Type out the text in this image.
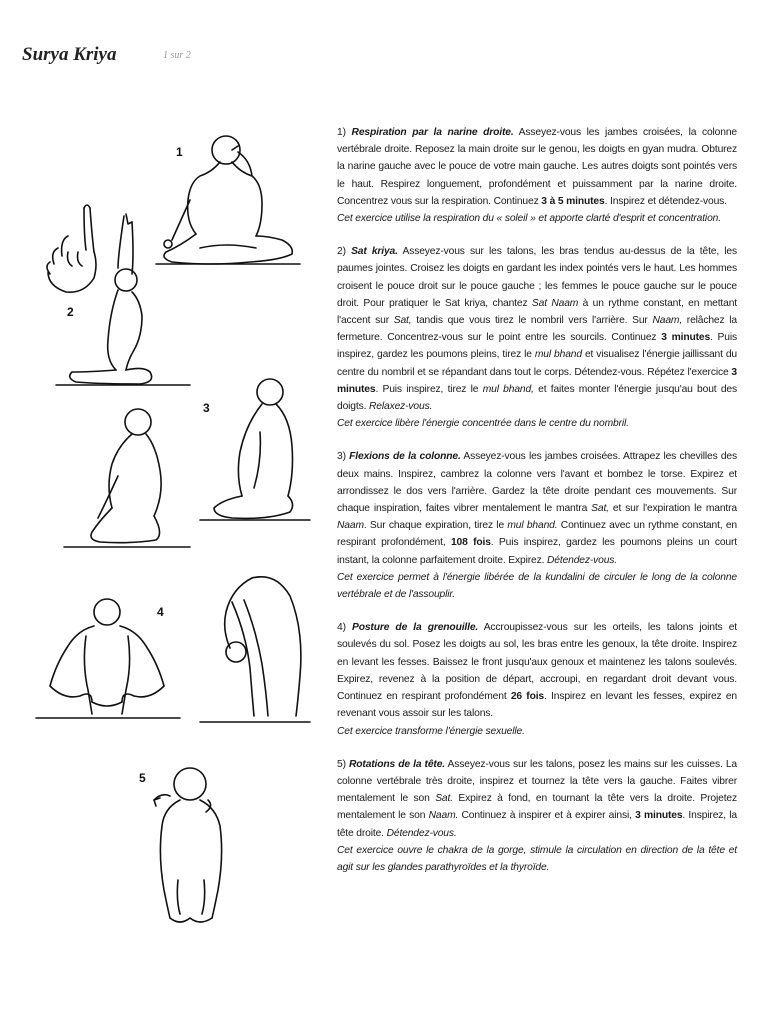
Surya Kriya	1 sur 2
1
2
3
4
5

1) Respiration par la narine droite. Asseyez-vous les jambes croisées, la colonne vertébrale droite. Reposez la main droite sur le genou, les doigts en gyan mudra. Obturez la narine gauche avec le pouce de votre main gauche. Les autres doigts sont pointés vers le haut. Respirez longuement, profondément et puissamment par la narine droite. Concentrez vous sur la respiration. Continuez 3 à 5 minutes. Inspirez et détendez-vous.
Cet exercice utilise la respiration du « soleil » et apporte clarté d'esprit et concentration.

2) Sat kriya. Asseyez-vous sur les talons, les bras tendus au-dessus de la tête, les paumes jointes. Croisez les doigts en gardant les index pointés vers le haut. Les hommes croisent le pouce droit sur le pouce gauche ; les femmes le pouce gauche sur le pouce droit. Pour pratiquer le Sat kriya, chantez Sat Naam à un rythme constant, en mettant l'accent sur Sat, tandis que vous tirez le nombril vers l'arrière. Sur Naam, relâchez la fermeture. Concentrez-vous sur le point entre les sourcils. Continuez 3 minutes. Puis inspirez, gardez les poumons pleins, tirez le mul bhand et visualisez l'énergie jaillissant du centre du nombril et se répandant dans tout le corps. Détendez-vous. Répétez l'exercice 3 minutes. Puis inspirez, tirez le mul bhand, et faites monter l'énergie jusqu'au bout des doigts. Relaxez-vous.
Cet exercice libère l'énergie concentrée dans le centre du nombril.

3) Flexions de la colonne. Asseyez-vous les jambes croisées. Attrapez les chevilles des deux mains. Inspirez, cambrez la colonne vers l'avant et bombez le torse. Expirez et arrondissez le dos vers l'arrière. Gardez la tête droite pendant ces mouvements. Sur chaque inspiration, faites vibrer mentalement le mantra Sat, et sur l'expiration le mantra Naam. Sur chaque expiration, tirez le mul bhand. Continuez avec un rythme constant, en respirant profondément, 108 fois. Puis inspirez, gardez les poumons pleins un court instant, la colonne parfaitement droite. Expirez. Détendez-vous.
Cet exercice permet à l'énergie libérée de la kundalini de circuler le long de la colonne vertébrale et de l'assouplir.

4) Posture de la grenouille. Accroupissez-vous sur les orteils, les talons joints et soulevés du sol. Posez les doigts au sol, les bras entre les genoux, la tête droite. Inspirez en levant les fesses. Baissez le front jusqu'aux genoux et maintenez les talons soulevés. Expirez, revenez à la position de départ, accroupi, en regardant droit devant vous. Continuez en respirant profondément 26 fois. Inspirez en levant les fesses, expirez en revenant vous assoir sur les talons.
Cet exercice transforme l'énergie sexuelle.

5) Rotations de la tête. Asseyez-vous sur les talons, posez les mains sur les cuisses. La colonne vertébrale très droite, inspirez et tournez la tête vers la gauche. Faites vibrer mentalement le son Sat. Expirez à fond, en tournant la tête vers la droite. Projetez mentalement le son Naam. Continuez à inspirer et à expirer ainsi, 3 minutes. Inspirez, la tête droite. Détendez-vous.
Cet exercice ouvre le chakra de la gorge, stimule la circulation en direction de la tête et agit sur les glandes parathyroïdes et la thyroïde.
